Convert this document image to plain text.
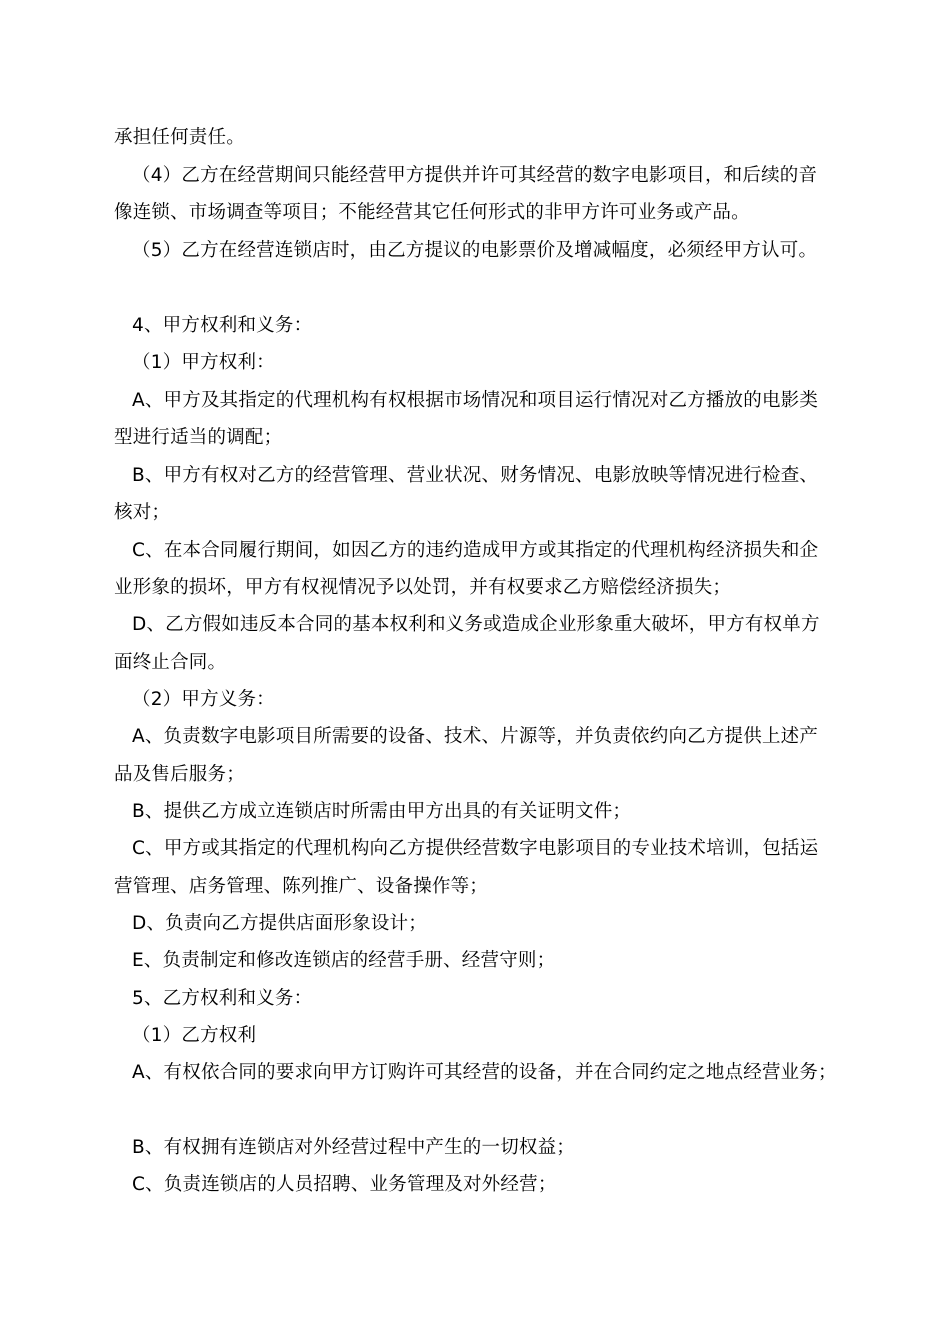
承担任何责任。
（4）乙方在经营期间只能经营甲方提供并许可其经营的数字电影项目，和后续的音
像连锁、市场调查等项目；不能经营其它任何形式的非甲方许可业务或产品。
（5）乙方在经营连锁店时，由乙方提议的电影票价及增减幅度，必须经甲方认可。
4、甲方权利和义务：
（1）甲方权利：
A、甲方及其指定的代理机构有权根据市场情况和项目运行情况对乙方播放的电影类
型进行适当的调配；
B、甲方有权对乙方的经营管理、营业状况、财务情况、电影放映等情况进行检查、
核对；
C、在本合同履行期间，如因乙方的违约造成甲方或其指定的代理机构经济损失和企
业形象的损坏，甲方有权视情况予以处罚，并有权要求乙方赔偿经济损失；
D、乙方假如违反本合同的基本权利和义务或造成企业形象重大破坏，甲方有权单方
面终止合同。
（2）甲方义务：
A、负责数字电影项目所需要的设备、技术、片源等，并负责依约向乙方提供上述产
品及售后服务；
B、提供乙方成立连锁店时所需由甲方出具的有关证明文件；
C、甲方或其指定的代理机构向乙方提供经营数字电影项目的专业技术培训，包括运
营管理、店务管理、陈列推广、设备操作等；
D、负责向乙方提供店面形象设计；
E、负责制定和修改连锁店的经营手册、经营守则；
5、乙方权利和义务：
（1）乙方权利
A、有权依合同的要求向甲方订购许可其经营的设备，并在合同约定之地点经营业务；
B、有权拥有连锁店对外经营过程中产生的一切权益；
C、负责连锁店的人员招聘、业务管理及对外经营；
